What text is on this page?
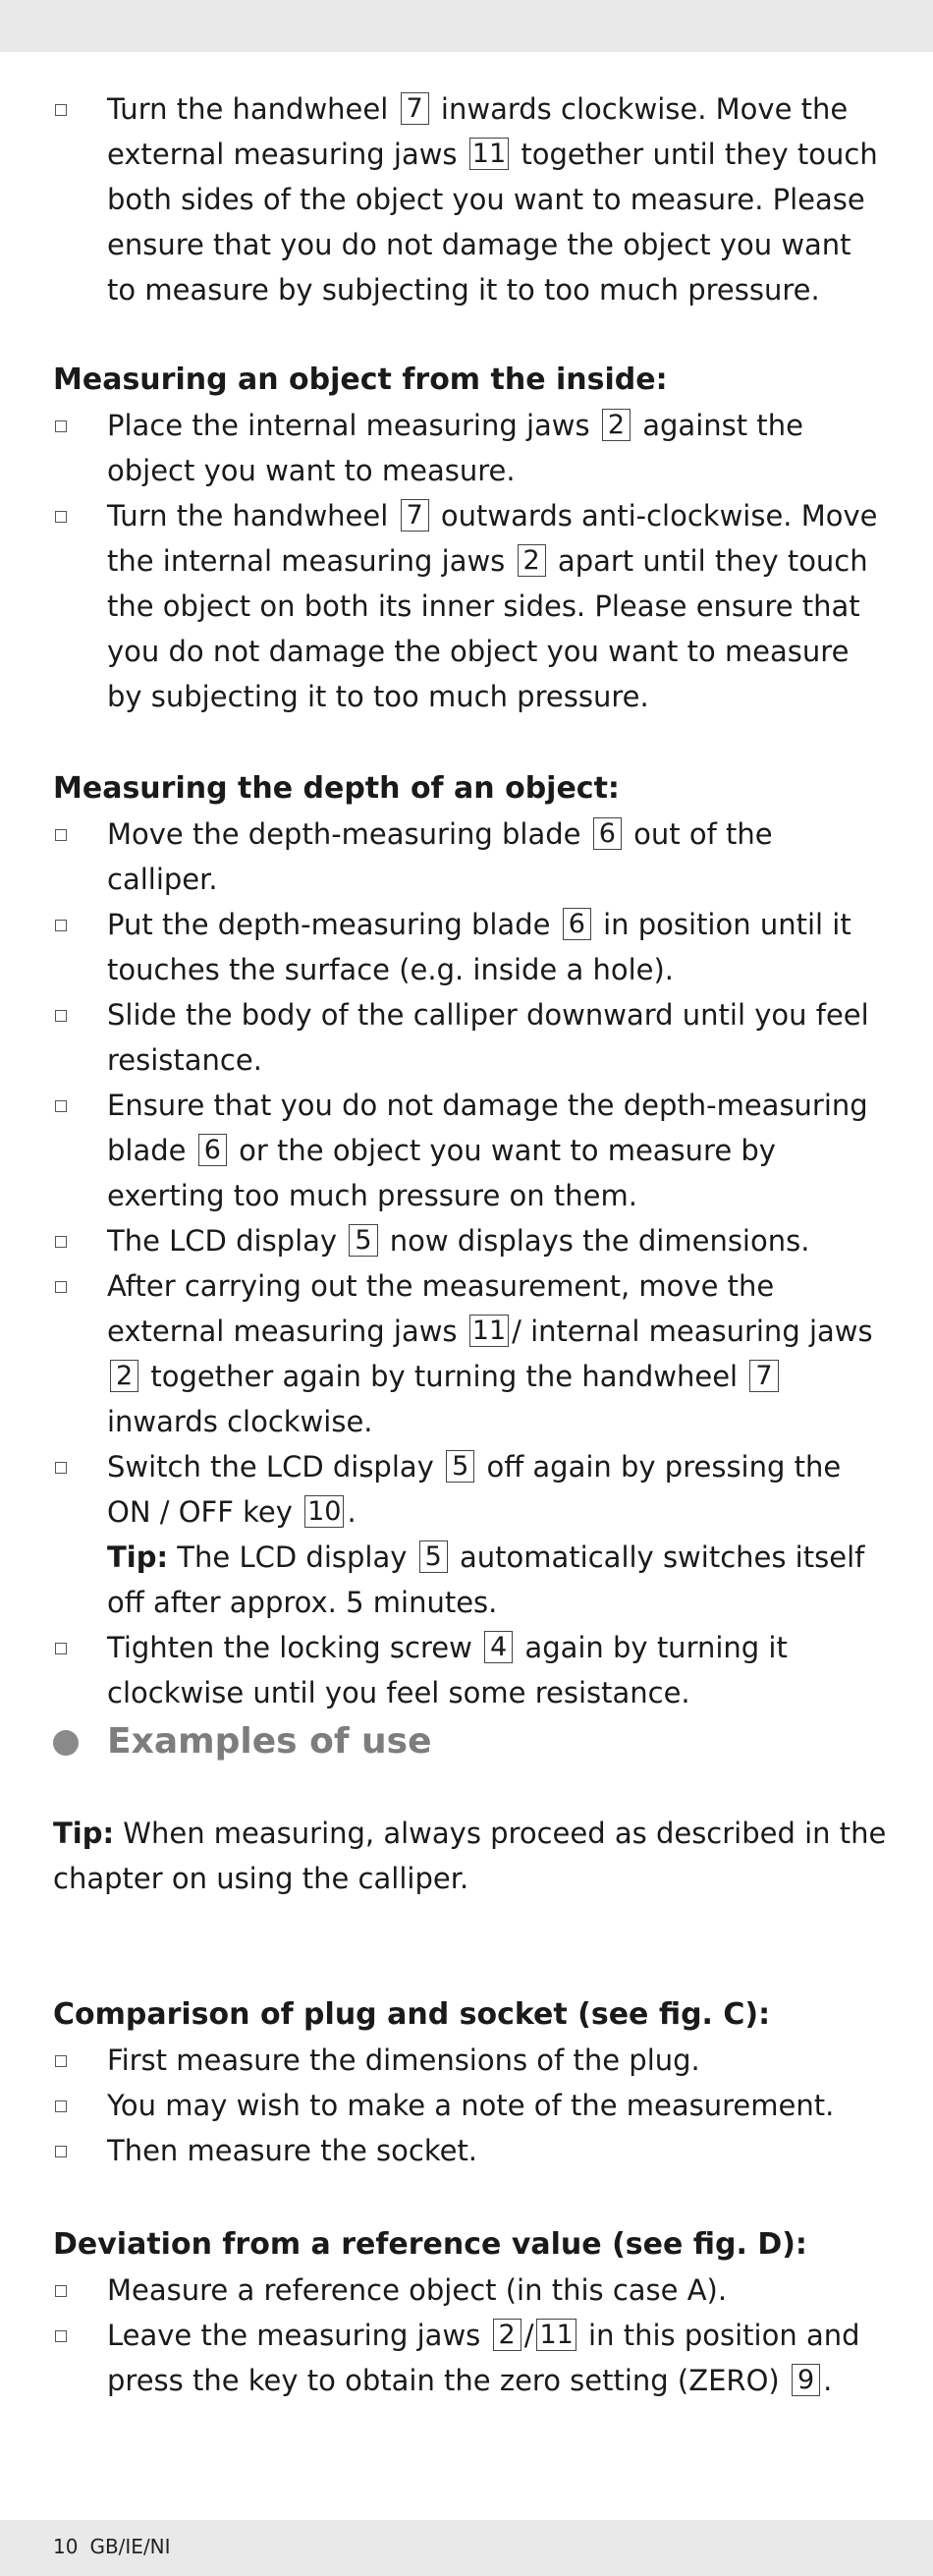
Turn the handwheel 7 inwards clockwise. Move the external measuring jaws 11 together until they touch both sides of the object you want to measure. Please ensure that you do not damage the object you want to measure by subjecting it to too much pressure.

Measuring an object from the inside:

Place the internal measuring jaws 2 against the object you want to measure.
Turn the handwheel 7 outwards anti-clockwise. Move the internal measuring jaws 2 apart until they touch the object on both its inner sides. Please ensure that you do not damage the object you want to measure by subjecting it to too much pressure.

Measuring the depth of an object:

Move the depth-measuring blade 6 out of the calliper.
Put the depth-measuring blade 6 in position until it touches the surface (e.g. inside a hole).
Slide the body of the calliper downward until you feel resistance.
Ensure that you do not damage the depth-measuring blade 6 or the object you want to measure by exerting too much pressure on them.
The LCD display 5 now displays the dimensions.
After carrying out the measurement, move the external measuring jaws 11 / internal measuring jaws 2 together again by turning the handwheel 7 inwards clockwise.
Switch the LCD display 5 off again by pressing the ON / OFF key 10 .
Tip: The LCD display 5 automatically switches itself off after approx. 5 minutes.
Tighten the locking screw 4 again by turning it clockwise until you feel some resistance.
Examples of use

Tip: When measuring, always proceed as described in the chapter on using the calliper.

Comparison of plug and socket (see fig. C):

First measure the dimensions of the plug.
You may wish to make a note of the measurement.
Then measure the socket.

Deviation from a reference value (see fig. D):

Measure a reference object (in this case A).
Leave the measuring jaws 2 / 11 in this position and press the key to obtain the zero setting (ZERO) 9 .
10 GB/IE/NI
